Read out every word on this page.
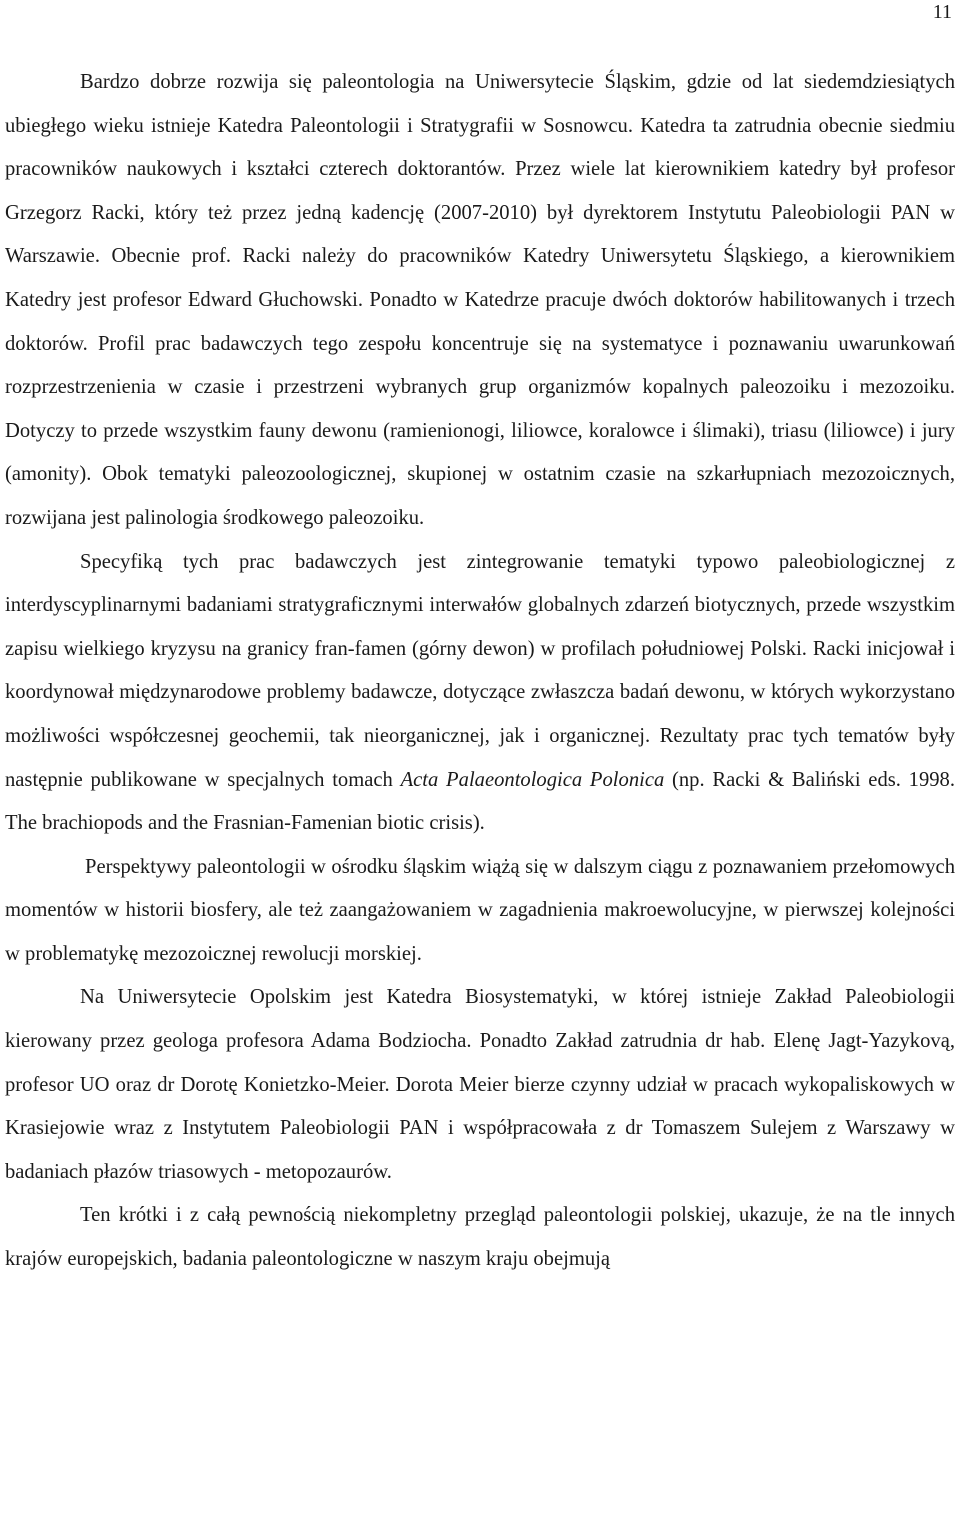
11

Bardzo dobrze rozwija się paleontologia na Uniwersytecie Śląskim, gdzie od lat siedemdziesiątych ubiegłego wieku istnieje Katedra Paleontologii i Stratygrafii w Sosnowcu. Katedra ta zatrudnia obecnie siedmiu pracowników naukowych i kształci czterech doktorantów. Przez wiele lat kierownikiem katedry był profesor Grzegorz Racki, który też przez jedną kadencję (2007-2010) był dyrektorem Instytutu Paleobiologii PAN w Warszawie. Obecnie prof. Racki należy do pracowników Katedry Uniwersytetu Śląskiego, a kierownikiem Katedry jest profesor Edward Głuchowski. Ponadto w Katedrze pracuje dwóch doktorów habilitowanych i trzech doktorów. Profil prac badawczych tego zespołu koncentruje się na systematyce i poznawaniu uwarunkowań rozprzestrzenienia w czasie i przestrzeni wybranych grup organizmów kopalnych paleozoiku i mezozoiku. Dotyczy to przede wszystkim fauny dewonu (ramienionogi, liliowce, koralowce i ślimaki), triasu (liliowce) i jury (amonity). Obok tematyki paleozoologicznej, skupionej w ostatnim czasie na szkarłupniach mezozoicznych, rozwijana jest palinologia środkowego paleozoiku.

Specyfiką tych prac badawczych jest zintegrowanie tematyki typowo paleobiologicznej z interdyscyplinarnymi badaniami stratygraficznymi interwałów globalnych zdarzeń biotycznych, przede wszystkim zapisu wielkiego kryzysu na granicy fran-famen (górny dewon) w profilach południowej Polski. Racki inicjował i koordynował międzynarodowe problemy badawcze, dotyczące zwłaszcza badań dewonu, w których wykorzystano możliwości współczesnej geochemii, tak nieorganicznej, jak i organicznej. Rezultaty prac tych tematów były następnie publikowane w specjalnych tomach Acta Palaeontologica Polonica (np. Racki & Baliński eds. 1998. The brachiopods and the Frasnian-Famenian biotic crisis).

Perspektywy paleontologii w ośrodku śląskim wiążą się w dalszym ciągu z poznawaniem przełomowych momentów w historii biosfery, ale też zaangażowaniem w zagadnienia makroewolucyjne, w pierwszej kolejności w problematykę mezozoicznej rewolucji morskiej.

Na Uniwersytecie Opolskim jest Katedra Biosystematyki, w której istnieje Zakład Paleobiologii kierowany przez geologa profesora Adama Bodziocha. Ponadto Zakład zatrudnia dr hab. Elenę Jagt-Yazykovą, profesor UO oraz dr Dorotę Konietzko-Meier. Dorota Meier bierze czynny udział w pracach wykopaliskowych w Krasiejowie wraz z Instytutem Paleobiologii PAN i współpracowała z dr Tomaszem Sulejem z Warszawy w badaniach płazów triasowych - metopozaurów.

Ten krótki i z całą pewnością niekompletny przegląd paleontologii polskiej, ukazuje, że na tle innych krajów europejskich, badania paleontologiczne w naszym kraju obejmują
